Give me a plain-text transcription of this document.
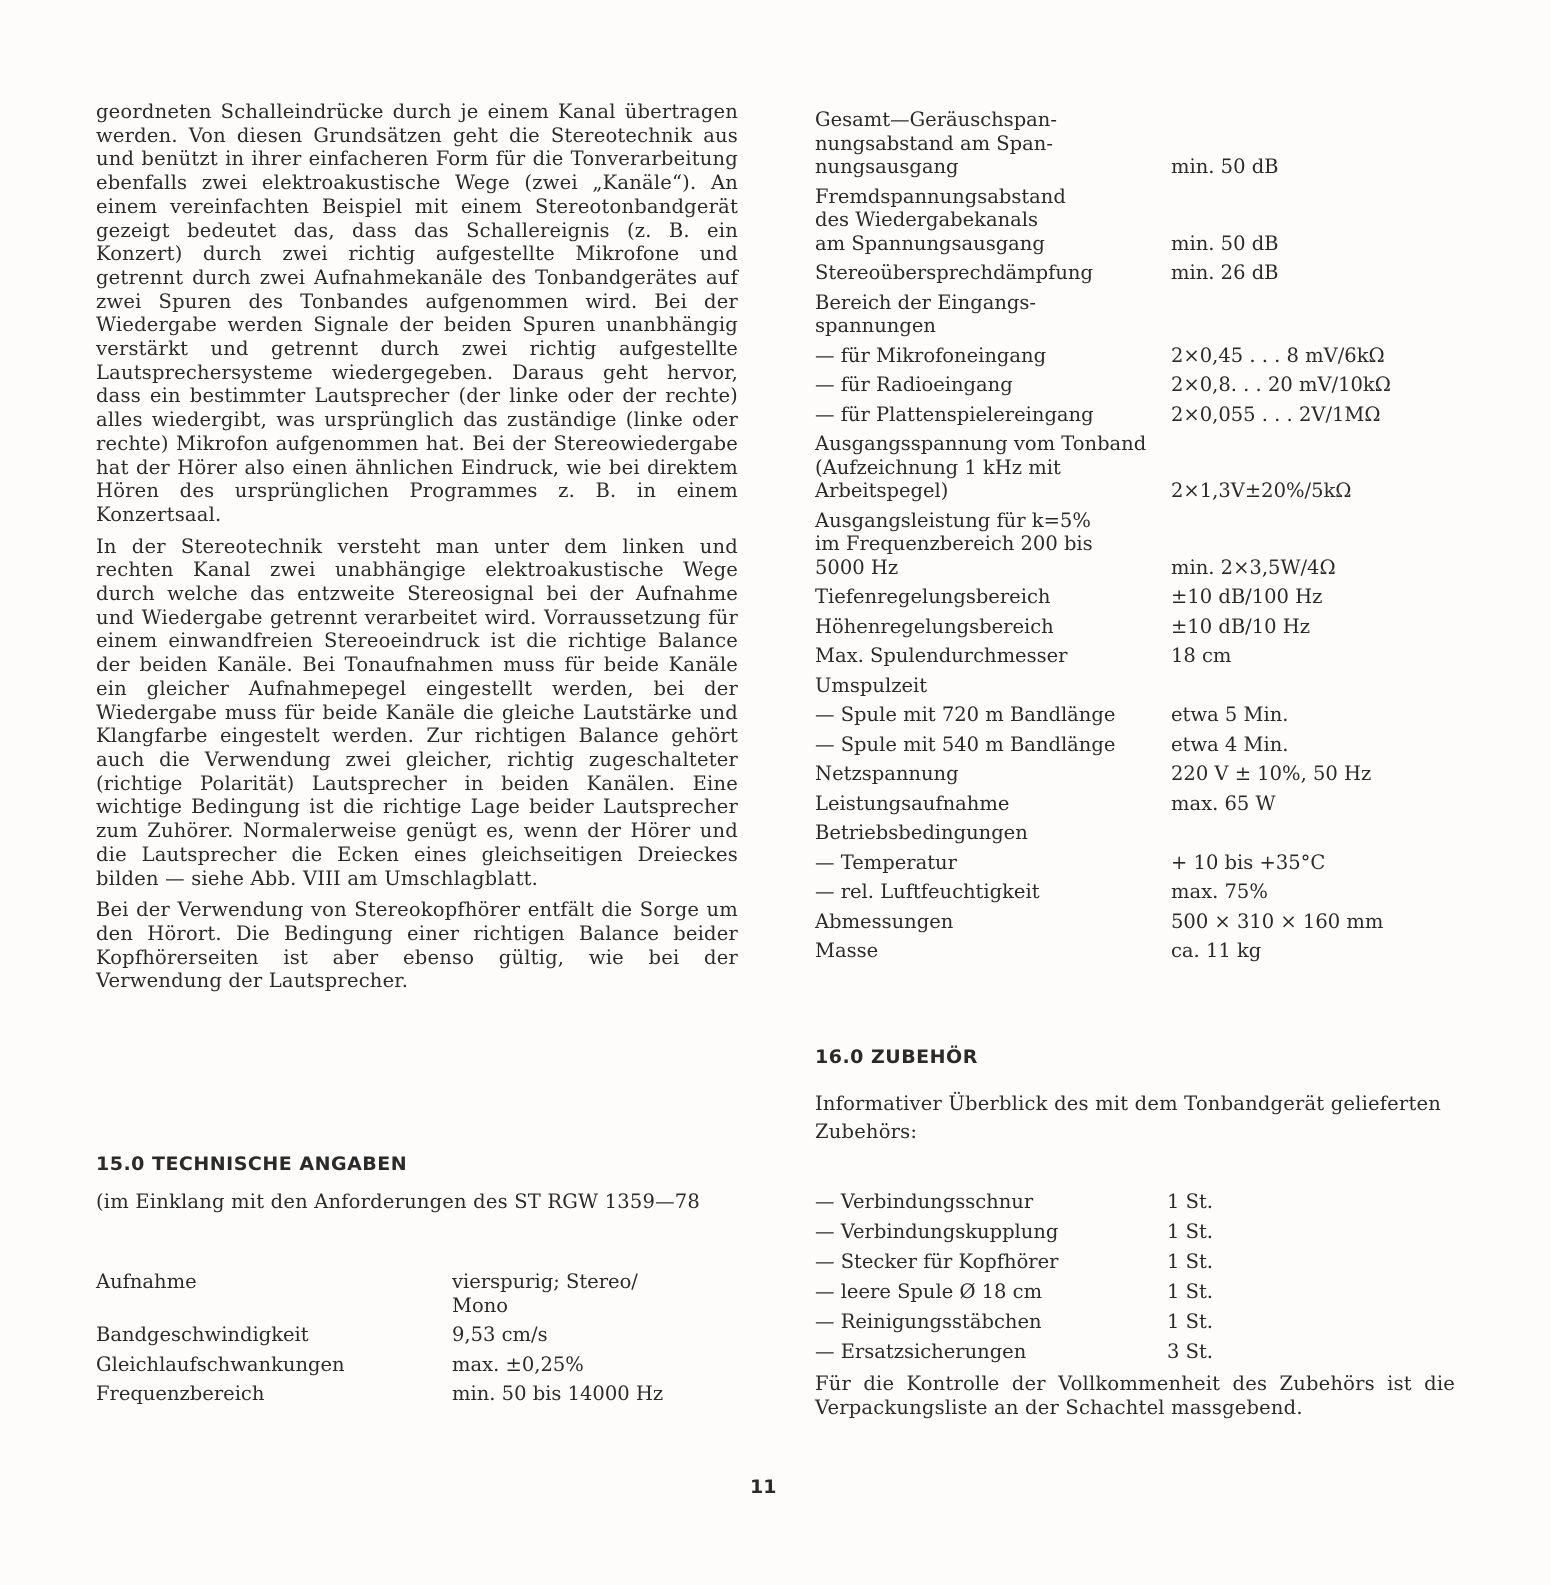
geordneten Schalleindrücke durch je einem Kanal übertragen werden. Von diesen Grundsätzen geht die Stereotechnik aus und benützt in ihrer einfacheren Form für die Tonverarbeitung ebenfalls zwei elektroakustische Wege (zwei „Kanäle“). An einem vereinfachten Beispiel mit einem Stereotonbandgerät gezeigt bedeutet das, dass das Schallereignis (z. B. ein Konzert) durch zwei richtig aufgestellte Mikrofone und getrennt durch zwei Aufnahmekanäle des Tonbandgerätes auf zwei Spuren des Tonbandes aufgenommen wird. Bei der Wiedergabe werden Signale der beiden Spuren unanbhängig verstärkt und getrennt durch zwei richtig aufgestellte Lautsprechersysteme wiedergegeben. Daraus geht hervor, dass ein bestimmter Lautsprecher (der linke oder der rechte) alles wiedergibt, was ursprünglich das zuständige (linke oder rechte) Mikrofon aufgenommen hat. Bei der Stereowiedergabe hat der Hörer also einen ähnlichen Eindruck, wie bei direktem Hören des ursprünglichen Programmes z. B. in einem Konzertsaal.

In der Stereotechnik versteht man unter dem linken und rechten Kanal zwei unabhängige elektroakustische Wege durch welche das entzweite Stereosignal bei der Aufnahme und Wiedergabe getrennt verarbeitet wird. Vorraussetzung für einem einwandfreien Stereoeindruck ist die richtige Balance der beiden Kanäle. Bei Tonaufnahmen muss für beide Kanäle ein gleicher Aufnahmepegel eingestellt werden, bei der Wiedergabe muss für beide Kanäle die gleiche Lautstärke und Klangfarbe eingestelt werden. Zur richtigen Balance gehört auch die Verwendung zwei gleicher, richtig zugeschalteter (richtige Polarität) Lautsprecher in beiden Kanälen. Eine wichtige Bedingung ist die richtige Lage beider Lautsprecher zum Zuhörer. Normalerweise genügt es, wenn der Hörer und die Lautsprecher die Ecken eines gleichseitigen Dreieckes bilden — siehe Abb. VIII am Umschlagblatt.

Bei der Verwendung von Stereokopfhörer entfält die Sorge um den Hörort. Die Bedingung einer richtigen Balance beider Kopfhörerseiten ist aber ebenso gültig, wie bei der Verwendung der Lautsprecher.

15.0 TECHNISCHE ANGABEN

(im Einklang mit den Anforderungen des ST RGW 1359—78

Aufnahme	vierspurig; Stereo/
Mono
Bandgeschwindigkeit	9,53 cm/s
Gleichlaufschwankungen	max. ±0,25%
Frequenzbereich	min. 50 bis 14000 Hz
Gesamt—Geräuschspan-
nungsabstand am Span-
nungsausgang	min. 50 dB
Fremdspannungsabstand
des Wiedergabekanals
am Spannungsausgang	min. 50 dB
Stereoübersprechdämpfung	min. 26 dB
Bereich der Eingangs-
spannungen	
— für Mikrofoneingang	2×0,45 . . . 8 mV/6kΩ
— für Radioeingang	2×0,8. . . 20 mV/10kΩ
— für Plattenspielereingang	2×0,055 . . . 2V/1MΩ
Ausgangsspannung vom Tonband
(Aufzeichnung 1 kHz mit
Arbeitspegel)	2×1,3V±20%/5kΩ
Ausgangsleistung für k=5%
im Frequenzbereich 200 bis
5000 Hz	min. 2×3,5W/4Ω
Tiefenregelungsbereich	±10 dB/100 Hz
Höhenregelungsbereich	±10 dB/10 Hz
Max. Spulendurchmesser	18 cm
Umspulzeit	
— Spule mit 720 m Bandlänge	etwa 5 Min.
— Spule mit 540 m Bandlänge	etwa 4 Min.
Netzspannung	220 V ± 10%, 50 Hz
Leistungsaufnahme	max. 65 W
Betriebsbedingungen	
— Temperatur	+ 10 bis +35°C
— rel. Luftfeuchtigkeit	max. 75%
Abmessungen	500 × 310 × 160 mm
Masse	ca. 11 kg
16.0 ZUBEHÖR

Informativer Überblick des mit dem Tonbandgerät gelieferten Zubehörs:

— Verbindungsschnur	1 St.
— Verbindungskupplung	1 St.
— Stecker für Kopfhörer	1 St.
— leere Spule Ø 18 cm	1 St.
— Reinigungsstäbchen	1 St.
— Ersatzsicherungen	3 St.

Für die Kontrolle der Vollkommenheit des Zubehörs ist die Verpackungsliste an der Schachtel massgebend.

11
